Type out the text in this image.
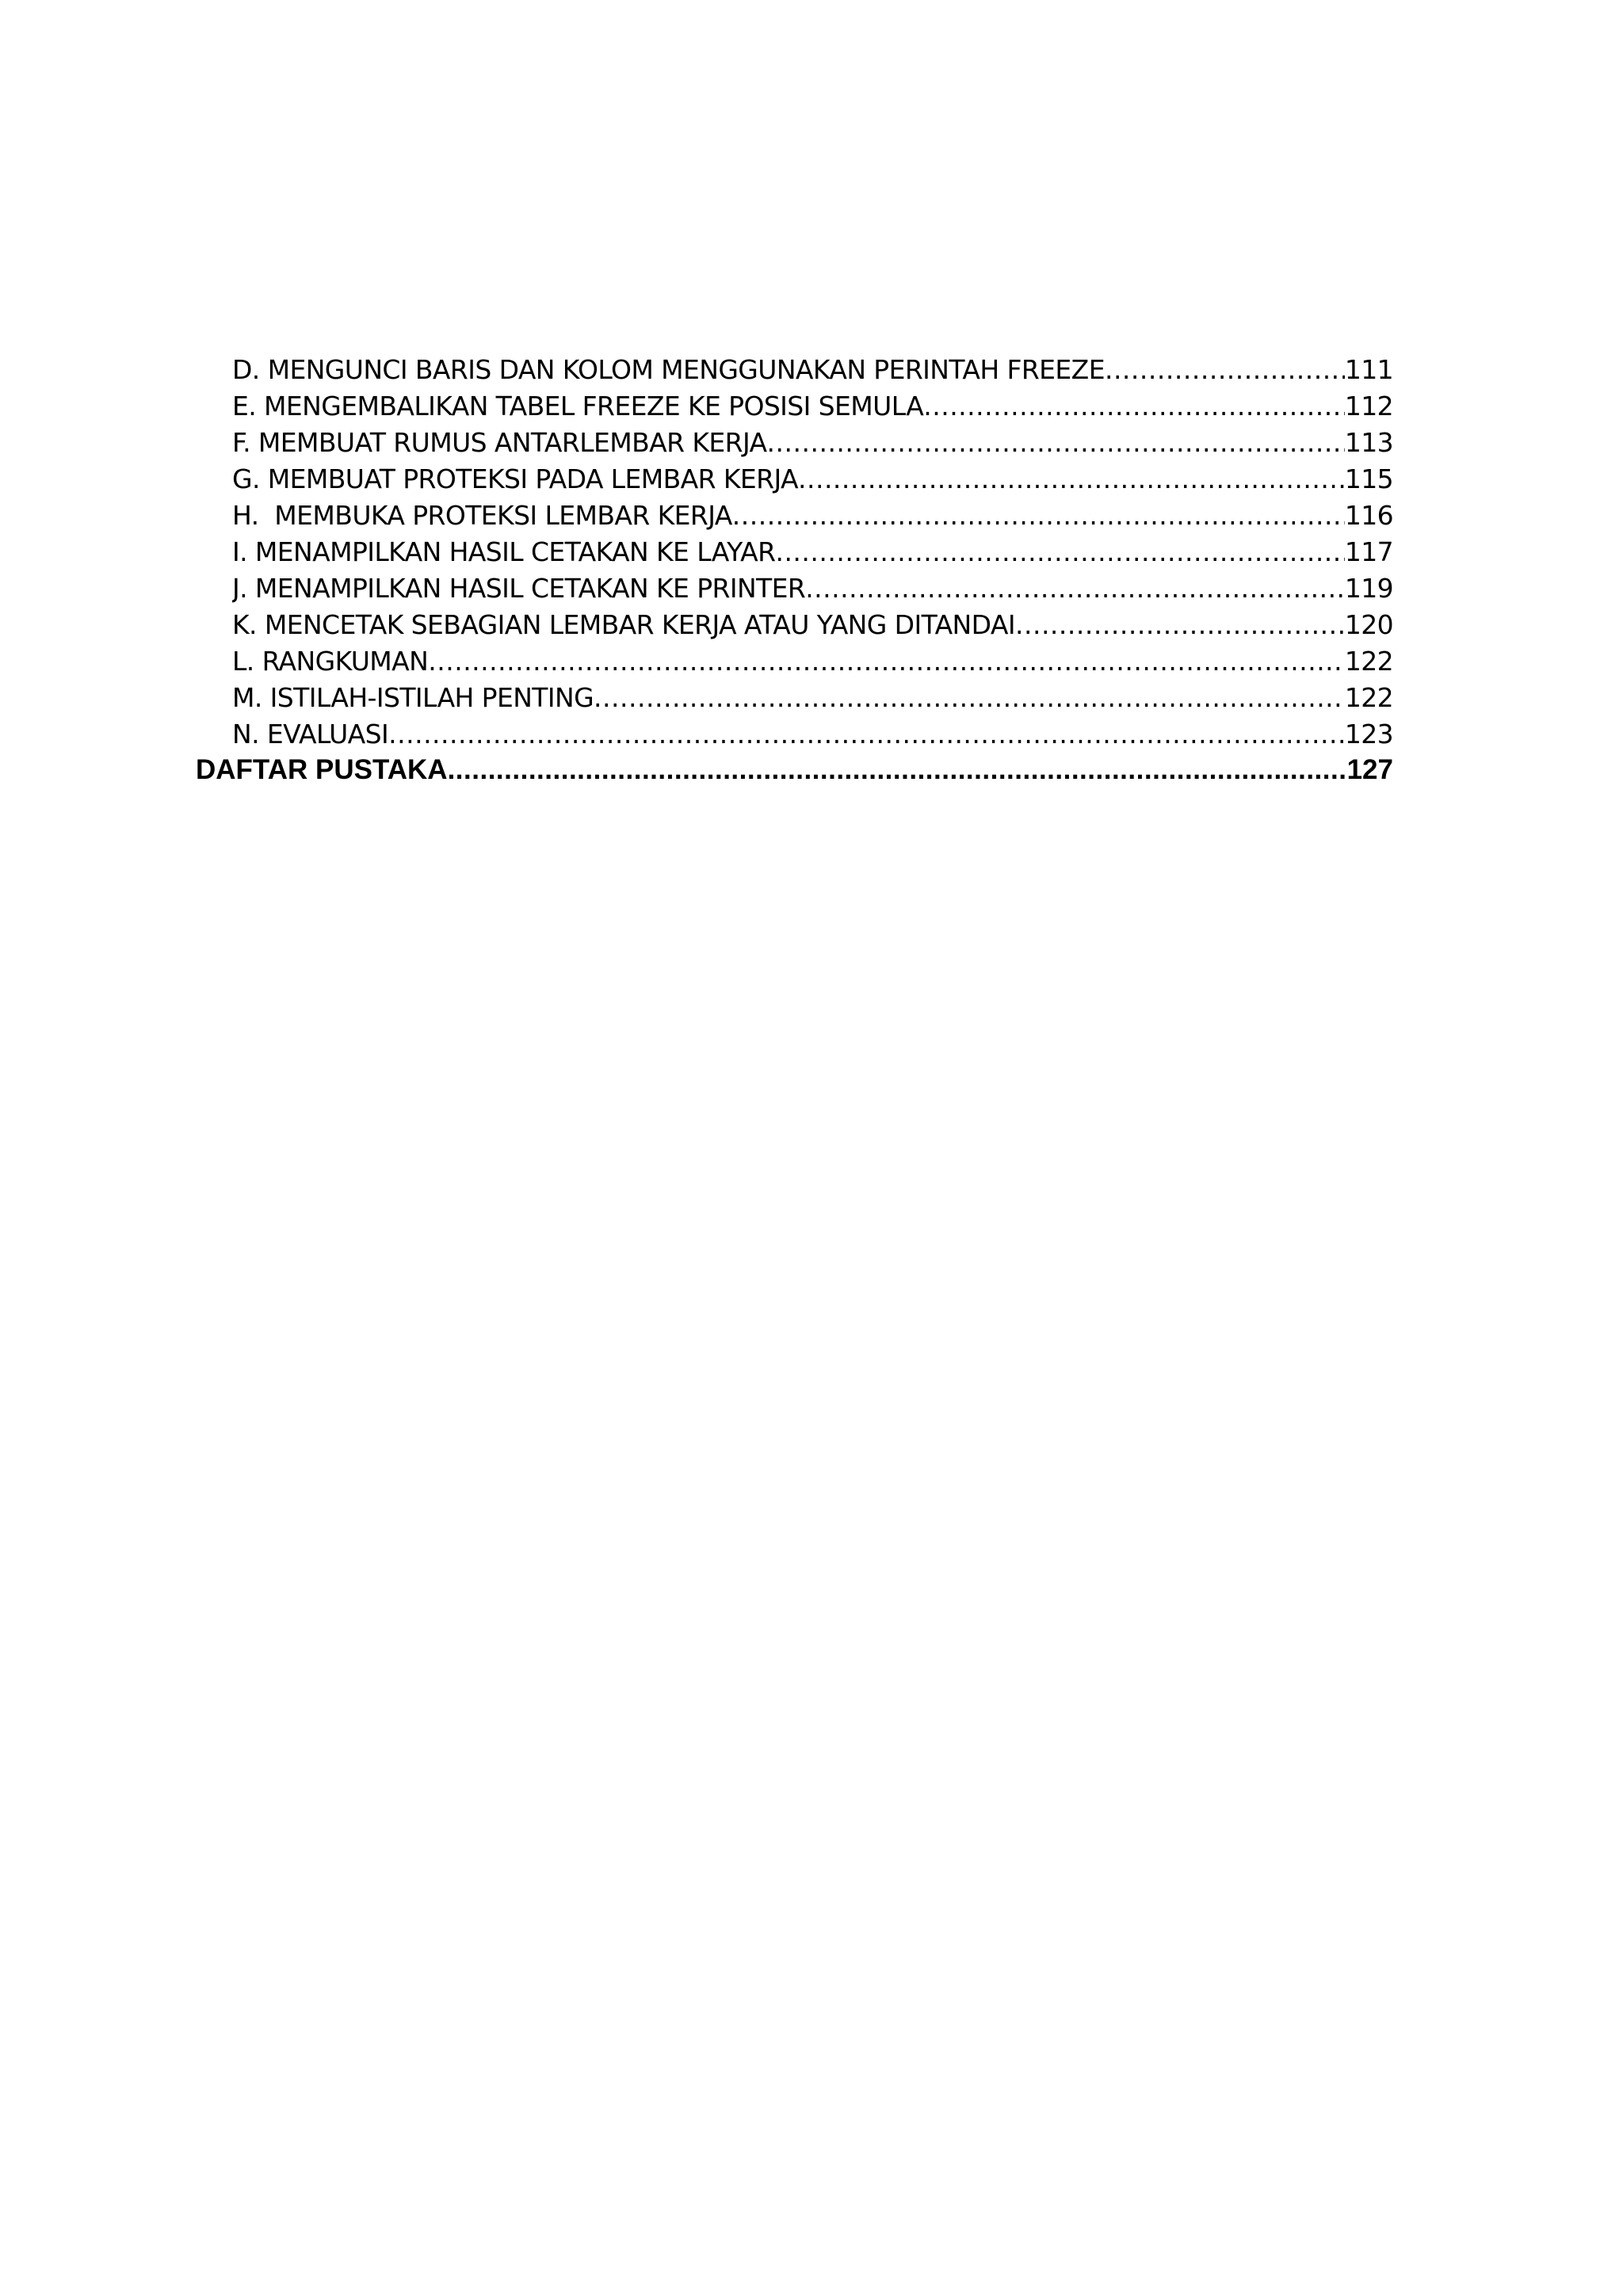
D. MENGUNCI BARIS DAN KOLOM MENGGUNAKAN PERINTAH FREEZE .....	111
E. MENGEMBALIKAN TABEL FREEZE KE POSISI SEMULA .....	112
F. MEMBUAT RUMUS ANTARLEMBAR KERJA .....	113
G. MEMBUAT PROTEKSI PADA LEMBAR KERJA .....	115
H.  MEMBUKA PROTEKSI LEMBAR KERJA .....	116
I. MENAMPILKAN HASIL CETAKAN KE LAYAR .....	117
J. MENAMPILKAN HASIL CETAKAN KE PRINTER .....	119
K. MENCETAK SEBAGIAN LEMBAR KERJA ATAU YANG DITANDAI .....	120
L. RANGKUMAN .....	122
M. ISTILAH-ISTILAH PENTING .....	122
N. EVALUASI .....	123
DAFTAR PUSTAKA .....	127
